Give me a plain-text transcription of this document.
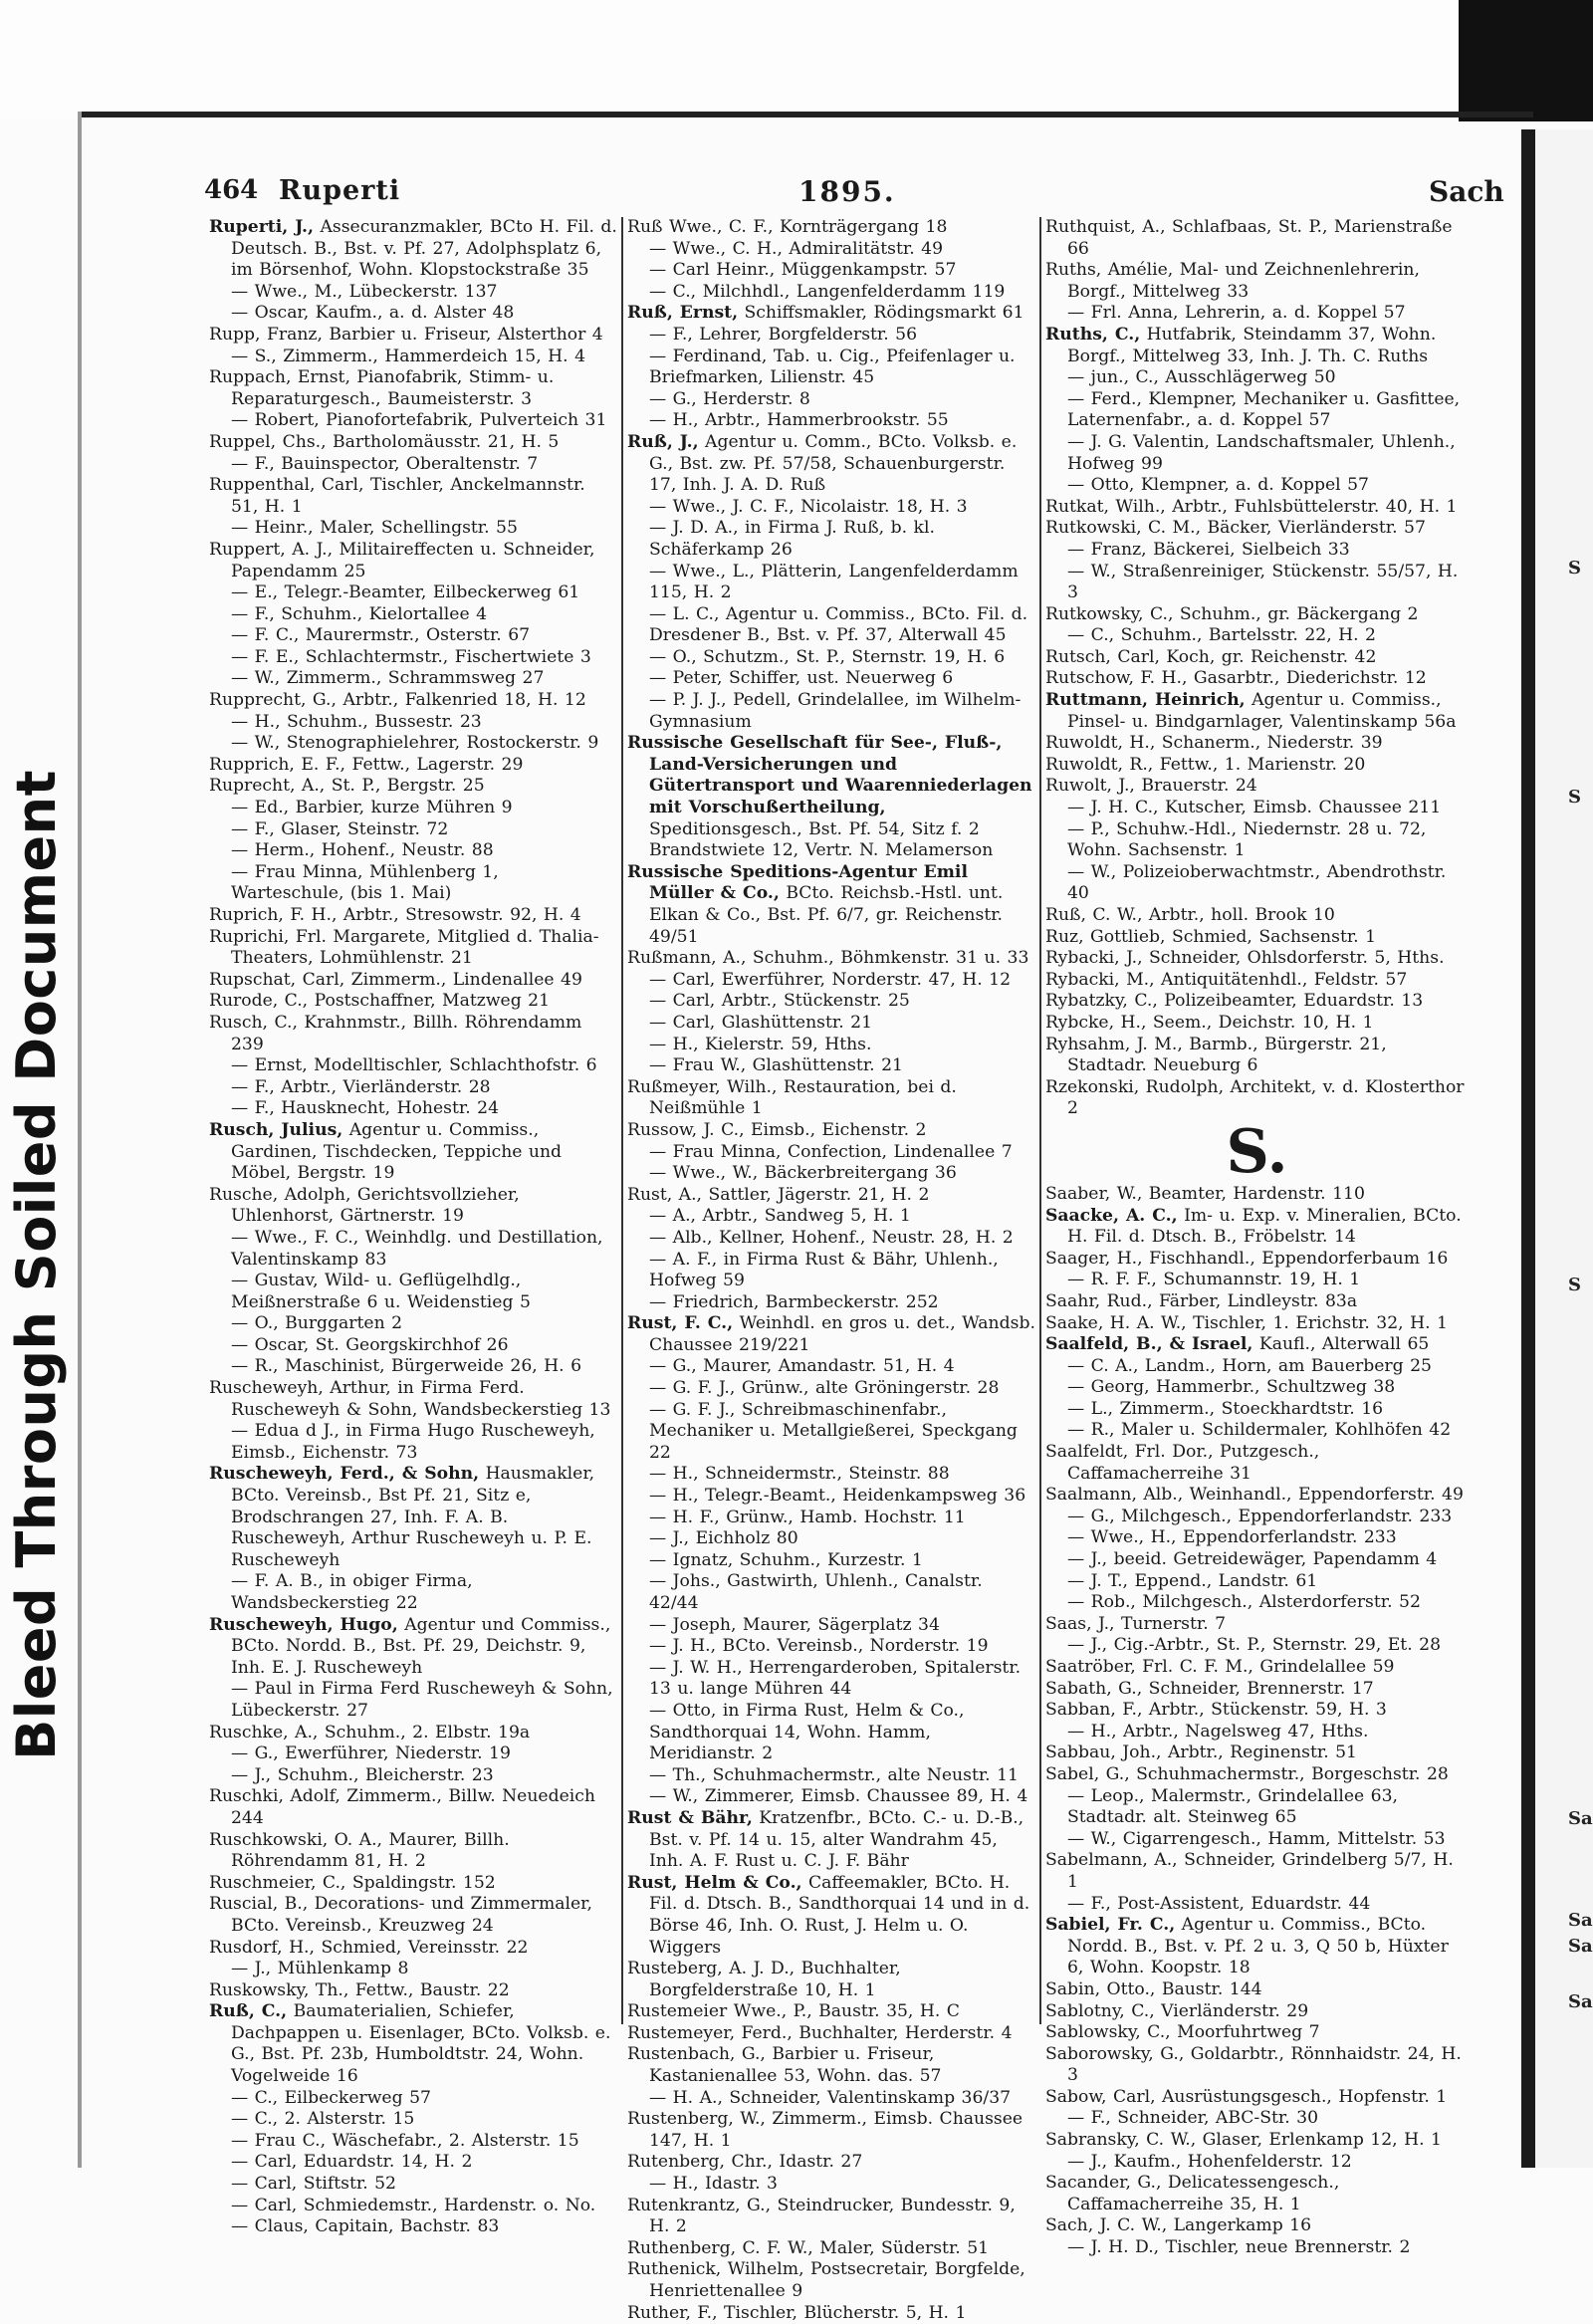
S
S
S
Sa
Sa
Sa
Sa
Bleed Through Soiled Document
464 Ruperti	1895.	Sach

Ruperti, J., Assecuranzmakler, BCto H. Fil. d. Deutsch. B., Bst. v. Pf. 27, Adolphsplatz 6, im Börsenhof, Wohn. Klopstockstraße 35

— Wwe., M., Lübeckerstr. 137

— Oscar, Kaufm., a. d. Alster 48

Rupp, Franz, Barbier u. Friseur, Alsterthor 4

— S., Zimmerm., Hammerdeich 15, H. 4

Ruppach, Ernst, Pianofabrik, Stimm- u. Reparaturgesch., Baumeisterstr. 3

— Robert, Pianofortefabrik, Pulverteich 31

Ruppel, Chs., Bartholomäusstr. 21, H. 5

— F., Bauinspector, Oberaltenstr. 7

Ruppenthal, Carl, Tischler, Anckelmannstr. 51, H. 1

— Heinr., Maler, Schellingstr. 55

Ruppert, A. J., Militaireffecten u. Schneider, Papendamm 25

— E., Telegr.-Beamter, Eilbeckerweg 61

— F., Schuhm., Kielortallee 4

— F. C., Maurermstr., Osterstr. 67

— F. E., Schlachtermstr., Fischertwiete 3

— W., Zimmerm., Schrammsweg 27

Rupprecht, G., Arbtr., Falkenried 18, H. 12

— H., Schuhm., Bussestr. 23

— W., Stenographielehrer, Rostockerstr. 9

Rupprich, E. F., Fettw., Lagerstr. 29

Ruprecht, A., St. P., Bergstr. 25

— Ed., Barbier, kurze Mühren 9

— F., Glaser, Steinstr. 72

— Herm., Hohenf., Neustr. 88

— Frau Minna, Mühlenberg 1, Warteschule, (bis 1. Mai)

Ruprich, F. H., Arbtr., Stresowstr. 92, H. 4

Ruprichi, Frl. Margarete, Mitglied d. Thalia-Theaters, Lohmühlenstr. 21

Rupschat, Carl, Zimmerm., Lindenallee 49

Rurode, C., Postschaffner, Matzweg 21

Rusch, C., Krahnmstr., Billh. Röhrendamm 239

— Ernst, Modelltischler, Schlachthofstr. 6

— F., Arbtr., Vierländerstr. 28

— F., Hausknecht, Hohestr. 24

Rusch, Julius, Agentur u. Commiss., Gardinen, Tischdecken, Teppiche und Möbel, Bergstr. 19

Rusche, Adolph, Gerichtsvollzieher, Uhlenhorst, Gärtnerstr. 19

— Wwe., F. C., Weinhdlg. und Destillation, Valentinskamp 83

— Gustav, Wild- u. Geflügelhdlg., Meißnerstraße 6 u. Weidenstieg 5

— O., Burggarten 2

— Oscar, St. Georgskirchhof 26

— R., Maschinist, Bürgerweide 26, H. 6

Ruscheweyh, Arthur, in Firma Ferd. Ruscheweyh & Sohn, Wandsbeckerstieg 13

— Edua d J., in Firma Hugo Ruscheweyh, Eimsb., Eichenstr. 73

Ruscheweyh, Ferd., & Sohn, Hausmakler, BCto. Vereinsb., Bst Pf. 21, Sitz e, Brodschrangen 27, Inh. F. A. B. Ruscheweyh, Arthur Ruscheweyh u. P. E. Ruscheweyh

— F. A. B., in obiger Firma, Wandsbeckerstieg 22

Ruscheweyh, Hugo, Agentur und Commiss., BCto. Nordd. B., Bst. Pf. 29, Deichstr. 9, Inh. E. J. Ruscheweyh

— Paul in Firma Ferd Ruscheweyh & Sohn, Lübeckerstr. 27

Ruschke, A., Schuhm., 2. Elbstr. 19a

— G., Ewerführer, Niederstr. 19

— J., Schuhm., Bleicherstr. 23

Ruschki, Adolf, Zimmerm., Billw. Neuedeich 244

Ruschkowski, O. A., Maurer, Billh. Röhrendamm 81, H. 2

Ruschmeier, C., Spaldingstr. 152

Ruscial, B., Decorations- und Zimmermaler, BCto. Vereinsb., Kreuzweg 24

Rusdorf, H., Schmied, Vereinsstr. 22

— J., Mühlenkamp 8

Ruskowsky, Th., Fettw., Baustr. 22

Ruß, C., Baumaterialien, Schiefer, Dachpappen u. Eisenlager, BCto. Volksb. e. G., Bst. Pf. 23b, Humboldtstr. 24, Wohn. Vogelweide 16

— C., Eilbeckerweg 57

— C., 2. Alsterstr. 15

— Frau C., Wäschefabr., 2. Alsterstr. 15

— Carl, Eduardstr. 14, H. 2

— Carl, Stiftstr. 52

— Carl, Schmiedemstr., Hardenstr. o. No.

— Claus, Capitain, Bachstr. 83

Ruß Wwe., C. F., Kornträgergang 18

— Wwe., C. H., Admiralitätstr. 49

— Carl Heinr., Müggenkampstr. 57

— C., Milchhdl., Langenfelderdamm 119

Ruß, Ernst, Schiffsmakler, Rödingsmarkt 61

— F., Lehrer, Borgfelderstr. 56

— Ferdinand, Tab. u. Cig., Pfeifenlager u. Briefmarken, Lilienstr. 45

— G., Herderstr. 8

— H., Arbtr., Hammerbrookstr. 55

Ruß, J., Agentur u. Comm., BCto. Volksb. e. G., Bst. zw. Pf. 57/58, Schauenburgerstr. 17, Inh. J. A. D. Ruß

— Wwe., J. C. F., Nicolaistr. 18, H. 3

— J. D. A., in Firma J. Ruß, b. kl. Schäferkamp 26

— Wwe., L., Plätterin, Langenfelderdamm 115, H. 2

— L. C., Agentur u. Commiss., BCto. Fil. d. Dresdener B., Bst. v. Pf. 37, Alterwall 45

— O., Schutzm., St. P., Sternstr. 19, H. 6

— Peter, Schiffer, ust. Neuerweg 6

— P. J. J., Pedell, Grindelallee, im Wilhelm-Gymnasium

Russische Gesellschaft für See-, Fluß-, Land-Versicherungen und Gütertransport und Waarenniederlagen mit Vorschußertheilung, Speditionsgesch., Bst. Pf. 54, Sitz f. 2 Brandstwiete 12, Vertr. N. Melamerson

Russische Speditions-Agentur Emil Müller & Co., BCto. Reichsb.-Hstl. unt. Elkan & Co., Bst. Pf. 6/7, gr. Reichenstr. 49/51

Rußmann, A., Schuhm., Böhmkenstr. 31 u. 33

— Carl, Ewerführer, Norderstr. 47, H. 12

— Carl, Arbtr., Stückenstr. 25

— Carl, Glashüttenstr. 21

— H., Kielerstr. 59, Hths.

— Frau W., Glashüttenstr. 21

Rußmeyer, Wilh., Restauration, bei d. Neißmühle 1

Russow, J. C., Eimsb., Eichenstr. 2

— Frau Minna, Confection, Lindenallee 7

— Wwe., W., Bäckerbreitergang 36

Rust, A., Sattler, Jägerstr. 21, H. 2

— A., Arbtr., Sandweg 5, H. 1

— Alb., Kellner, Hohenf., Neustr. 28, H. 2

— A. F., in Firma Rust & Bähr, Uhlenh., Hofweg 59

— Friedrich, Barmbeckerstr. 252

Rust, F. C., Weinhdl. en gros u. det., Wandsb. Chaussee 219/221

— G., Maurer, Amandastr. 51, H. 4

— G. F. J., Grünw., alte Gröningerstr. 28

— G. F. J., Schreibmaschinenfabr., Mechaniker u. Metallgießerei, Speckgang 22

— H., Schneidermstr., Steinstr. 88

— H., Telegr.-Beamt., Heidenkampsweg 36

— H. F., Grünw., Hamb. Hochstr. 11

— J., Eichholz 80

— Ignatz, Schuhm., Kurzestr. 1

— Johs., Gastwirth, Uhlenh., Canalstr. 42/44

— Joseph, Maurer, Sägerplatz 34

— J. H., BCto. Vereinsb., Norderstr. 19

— J. W. H., Herrengarderoben, Spitalerstr. 13 u. lange Mühren 44

— Otto, in Firma Rust, Helm & Co., Sandthorquai 14, Wohn. Hamm, Meridianstr. 2

— Th., Schuhmachermstr., alte Neustr. 11

— W., Zimmerer, Eimsb. Chaussee 89, H. 4

Rust & Bähr, Kratzenfbr., BCto. C.- u. D.-B., Bst. v. Pf. 14 u. 15, alter Wandrahm 45, Inh. A. F. Rust u. C. J. F. Bähr

Rust, Helm & Co., Caffeemakler, BCto. H. Fil. d. Dtsch. B., Sandthorquai 14 und in d. Börse 46, Inh. O. Rust, J. Helm u. O. Wiggers

Rusteberg, A. J. D., Buchhalter, Borgfelderstraße 10, H. 1

Rustemeier Wwe., P., Baustr. 35, H. C

Rustemeyer, Ferd., Buchhalter, Herderstr. 4

Rustenbach, G., Barbier u. Friseur, Kastanienallee 53, Wohn. das. 57

— H. A., Schneider, Valentinskamp 36/37

Rustenberg, W., Zimmerm., Eimsb. Chaussee 147, H. 1

Rutenberg, Chr., Idastr. 27

— H., Idastr. 3

Rutenkrantz, G., Steindrucker, Bundesstr. 9, H. 2

Ruthenberg, C. F. W., Maler, Süderstr. 51

Ruthenick, Wilhelm, Postsecretair, Borgfelde, Henriettenallee 9

Ruther, F., Tischler, Blücherstr. 5, H. 1

Ruthquist, A., Schlafbaas, St. P., Marienstraße 66

Ruths, Amélie, Mal- und Zeichnenlehrerin, Borgf., Mittelweg 33

— Frl. Anna, Lehrerin, a. d. Koppel 57

Ruths, C., Hutfabrik, Steindamm 37, Wohn. Borgf., Mittelweg 33, Inh. J. Th. C. Ruths

— jun., C., Ausschlägerweg 50

— Ferd., Klempner, Mechaniker u. Gasfittee, Laternenfabr., a. d. Koppel 57

— J. G. Valentin, Landschaftsmaler, Uhlenh., Hofweg 99

— Otto, Klempner, a. d. Koppel 57

Rutkat, Wilh., Arbtr., Fuhlsbüttelerstr. 40, H. 1

Rutkowski, C. M., Bäcker, Vierländerstr. 57

— Franz, Bäckerei, Sielbeich 33

— W., Straßenreiniger, Stückenstr. 55/57, H. 3

Rutkowsky, C., Schuhm., gr. Bäckergang 2

— C., Schuhm., Bartelsstr. 22, H. 2

Rutsch, Carl, Koch, gr. Reichenstr. 42

Rutschow, F. H., Gasarbtr., Diederichstr. 12

Ruttmann, Heinrich, Agentur u. Commiss., Pinsel- u. Bindgarnlager, Valentinskamp 56a

Ruwoldt, H., Schanerm., Niederstr. 39

Ruwoldt, R., Fettw., 1. Marienstr. 20

Ruwolt, J., Brauerstr. 24

— J. H. C., Kutscher, Eimsb. Chaussee 211

— P., Schuhw.-Hdl., Niedernstr. 28 u. 72, Wohn. Sachsenstr. 1

— W., Polizeioberwachtmstr., Abendrothstr. 40

Ruß, C. W., Arbtr., holl. Brook 10

Ruz, Gottlieb, Schmied, Sachsenstr. 1

Rybacki, J., Schneider, Ohlsdorferstr. 5, Hths.

Rybacki, M., Antiquitätenhdl., Feldstr. 57

Rybatzky, C., Polizeibeamter, Eduardstr. 13

Rybcke, H., Seem., Deichstr. 10, H. 1

Ryhsahm, J. M., Barmb., Bürgerstr. 21, Stadtadr. Neueburg 6

Rzekonski, Rudolph, Architekt, v. d. Klosterthor 2

S.

Saaber, W., Beamter, Hardenstr. 110

Saacke, A. C., Im- u. Exp. v. Mineralien, BCto. H. Fil. d. Dtsch. B., Fröbelstr. 14

Saager, H., Fischhandl., Eppendorferbaum 16

— R. F. F., Schumannstr. 19, H. 1

Saahr, Rud., Färber, Lindleystr. 83a

Saake, H. A. W., Tischler, 1. Erichstr. 32, H. 1

Saalfeld, B., & Israel, Kaufl., Alterwall 65

— C. A., Landm., Horn, am Bauerberg 25

— Georg, Hammerbr., Schultzweg 38

— L., Zimmerm., Stoeckhardtstr. 16

— R., Maler u. Schildermaler, Kohlhöfen 42

Saalfeldt, Frl. Dor., Putzgesch., Caffamacherreihe 31

Saalmann, Alb., Weinhandl., Eppendorferstr. 49

— G., Milchgesch., Eppendorferlandstr. 233

— Wwe., H., Eppendorferlandstr. 233

— J., beeid. Getreidewäger, Papendamm 4

— J. T., Eppend., Landstr. 61

— Rob., Milchgesch., Alsterdorferstr. 52

Saas, J., Turnerstr. 7

— J., Cig.-Arbtr., St. P., Sternstr. 29, Et. 28

Saatröber, Frl. C. F. M., Grindelallee 59

Sabath, G., Schneider, Brennerstr. 17

Sabban, F., Arbtr., Stückenstr. 59, H. 3

— H., Arbtr., Nagelsweg 47, Hths.

Sabbau, Joh., Arbtr., Reginenstr. 51

Sabel, G., Schuhmachermstr., Borgeschstr. 28

— Leop., Malermstr., Grindelallee 63, Stadtadr. alt. Steinweg 65

— W., Cigarrengesch., Hamm, Mittelstr. 53

Sabelmann, A., Schneider, Grindelberg 5/7, H. 1

— F., Post-Assistent, Eduardstr. 44

Sabiel, Fr. C., Agentur u. Commiss., BCto. Nordd. B., Bst. v. Pf. 2 u. 3, Q 50 b, Hüxter 6, Wohn. Koopstr. 18

Sabin, Otto., Baustr. 144

Sablotny, C., Vierländerstr. 29

Sablowsky, C., Moorfuhrtweg 7

Saborowsky, G., Goldarbtr., Rönnhaidstr. 24, H. 3

Sabow, Carl, Ausrüstungsgesch., Hopfenstr. 1

— F., Schneider, ABC-Str. 30

Sabransky, C. W., Glaser, Erlenkamp 12, H. 1

— J., Kaufm., Hohenfelderstr. 12

Sacander, G., Delicatessengesch., Caffamacherreihe 35, H. 1

Sach, J. C. W., Langerkamp 16

— J. H. D., Tischler, neue Brennerstr. 2
